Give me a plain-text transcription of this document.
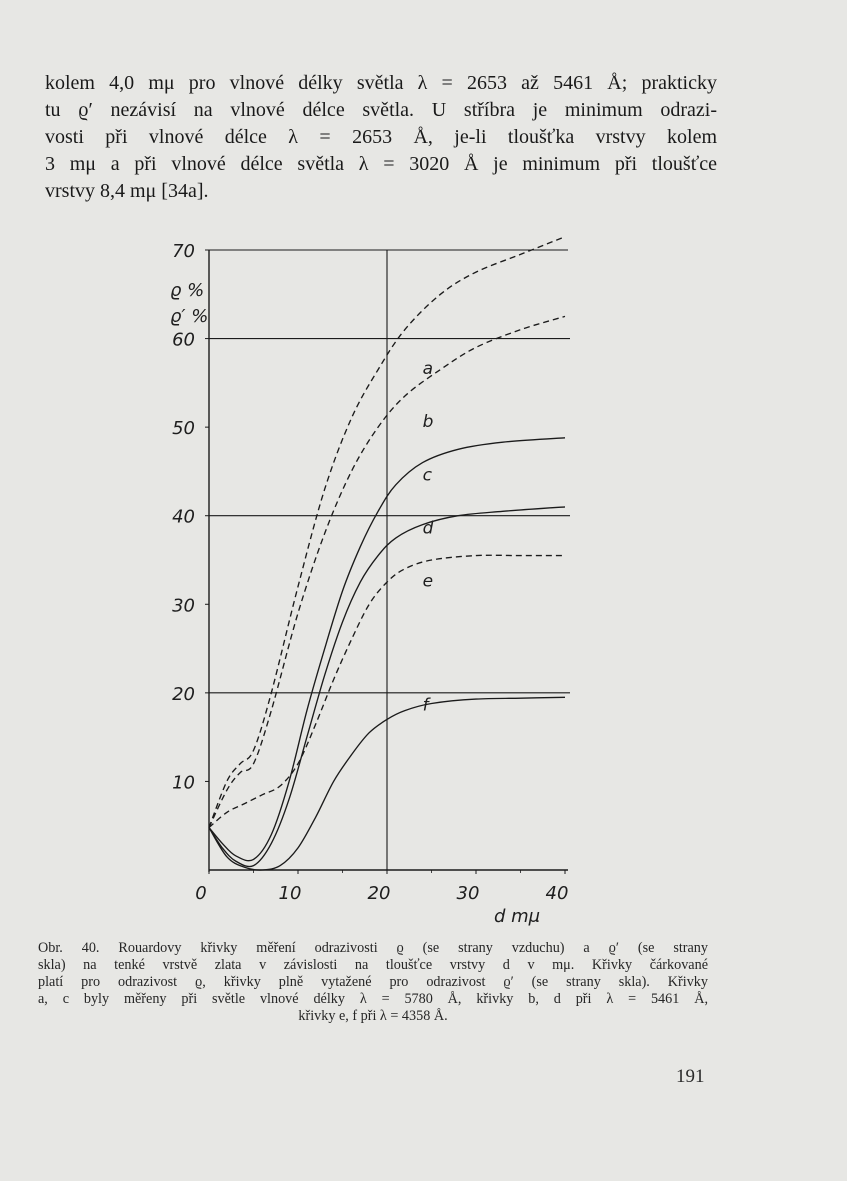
kolem 4,0 mμ pro vlnové délky světla λ = 2653 až 5461 Å; prakticky
tu ϱ′ nezávisí na vlnové délce světla. U stříbra je minimum odrazi-
vosti při vlnové délce λ = 2653 Å, je-li tloušťka vrstvy kolem
3 mμ a při vlnové délce světla λ = 3020 Å je minimum při tloušťce
vrstvy 8,4 mμ [34a].
a
b
c
d
e
f
10
20
30
40
50
60
70
0	10	20	30	40
ϱ %
ϱ′ %
d mμ
Obr. 40. Rouardovy křivky měření odrazivosti ϱ (se strany vzduchu) a ϱ′ (se strany
skla) na tenké vrstvě zlata v závislosti na tloušťce vrstvy d v mμ. Křivky čárkované
platí pro odrazivost ϱ, křivky plně vytažené pro odrazivost ϱ′ (se strany skla). Křivky
a, c byly měřeny při světle vlnové délky λ = 5780 Å, křivky b, d při λ = 5461 Å,
křivky e, f při λ = 4358 Å.
191
